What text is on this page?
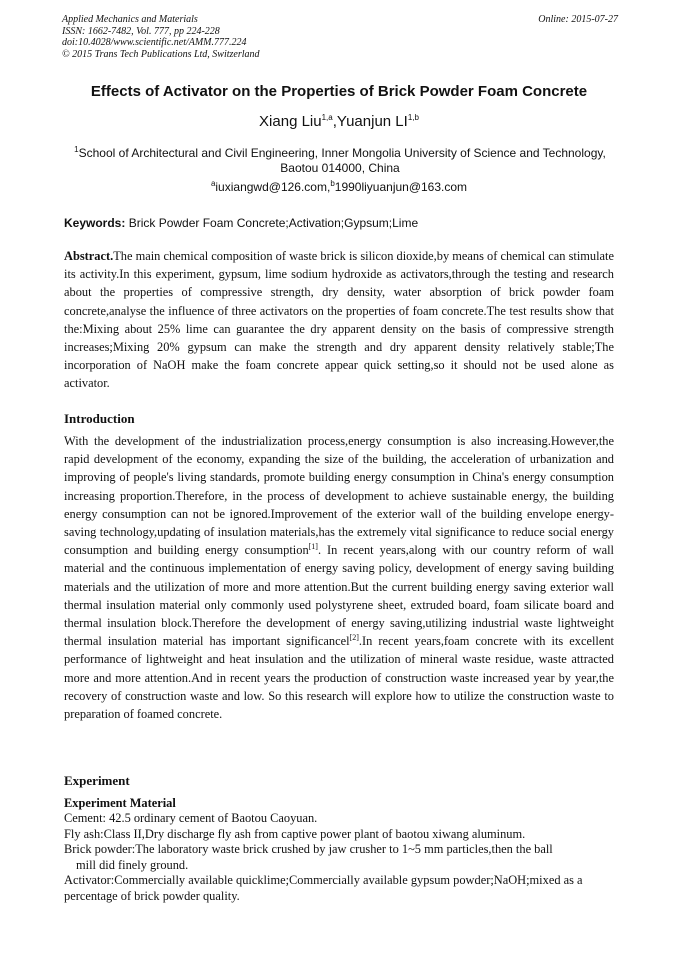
Applied Mechanics and Materials
ISSN: 1662-7482, Vol. 777, pp 224-228
doi:10.4028/www.scientific.net/AMM.777.224
© 2015 Trans Tech Publications Ltd, Switzerland
Online: 2015-07-27
Effects of Activator on the Properties of Brick Powder Foam Concrete
Xiang Liu$^{1,a}$,Yuanjun LI$^{1,b}$
$^1$School of Architectural and Civil Engineering, Inner Mongolia University of Science and Technology,
Baotou 014000, China
$^a$iuxiangwd@126.com,$^b$1990liyuanjun@163.com
Keywords: Brick Powder Foam Concrete;Activation;Gypsum;Lime
Abstract.The main chemical composition of waste brick is silicon dioxide,by means of chemical can stimulate its activity.In this experiment, gypsum, lime sodium hydroxide as activators,through the testing and research about the properties of compressive strength, dry density, water absorption of brick powder foam concrete,analyse the influence of three activators on the properties of foam concrete.The test results show that the:Mixing about 25% lime can guarantee the dry apparent density on the basis of compressive strength increases;Mixing 20% gypsum can make the strength and dry apparent density relatively stable;The incorporation of NaOH make the foam concrete appear quick setting,so it should not be used alone as activator.
Introduction
With the development of the industrialization process,energy consumption is also increasing.However,the rapid development of the economy, expanding the size of the building, the acceleration of urbanization and improving of people's living standards, promote building energy consumption in China's energy consumption increasing proportion.Therefore, in the process of development to achieve sustainable energy, the building energy consumption can not be ignored.Improvement of the exterior wall of the building envelope energy-saving technology,updating of insulation materials,has the extremely vital significance to reduce social energy consumption and building energy consumption[1]. In recent years,along with our country reform of wall material and the continuous implementation of energy saving policy, development of energy saving building materials and the utilization of more and more attention.But the current building energy saving exterior wall thermal insulation material only commonly used polystyrene sheet, extruded board, foam silicate board and thermal insulation block.Therefore the development of energy saving,utilizing industrial waste lightweight thermal insulation material has important significancel[2].In recent years,foam concrete with its excellent performance of lightweight and heat insulation and the utilization of mineral waste residue, waste attracted more and more attention.And in recent years the production of construction waste increased year by year,the recovery of construction waste and low. So this research will explore how to utilize the construction waste to preparation of foamed concrete.
Experiment
Experiment Material
Cement: 42.5 ordinary cement of Baotou Caoyuan.
Fly ash:Class II,Dry discharge fly ash from captive power plant of baotou xiwang aluminum.
Brick powder:The laboratory waste brick crushed by jaw crusher to 1~5 mm particles,then the ball
mill did finely ground.
Activator:Commercially available quicklime;Commercially available gypsum powder;NaOH;mixed as a percentage of brick powder quality.
